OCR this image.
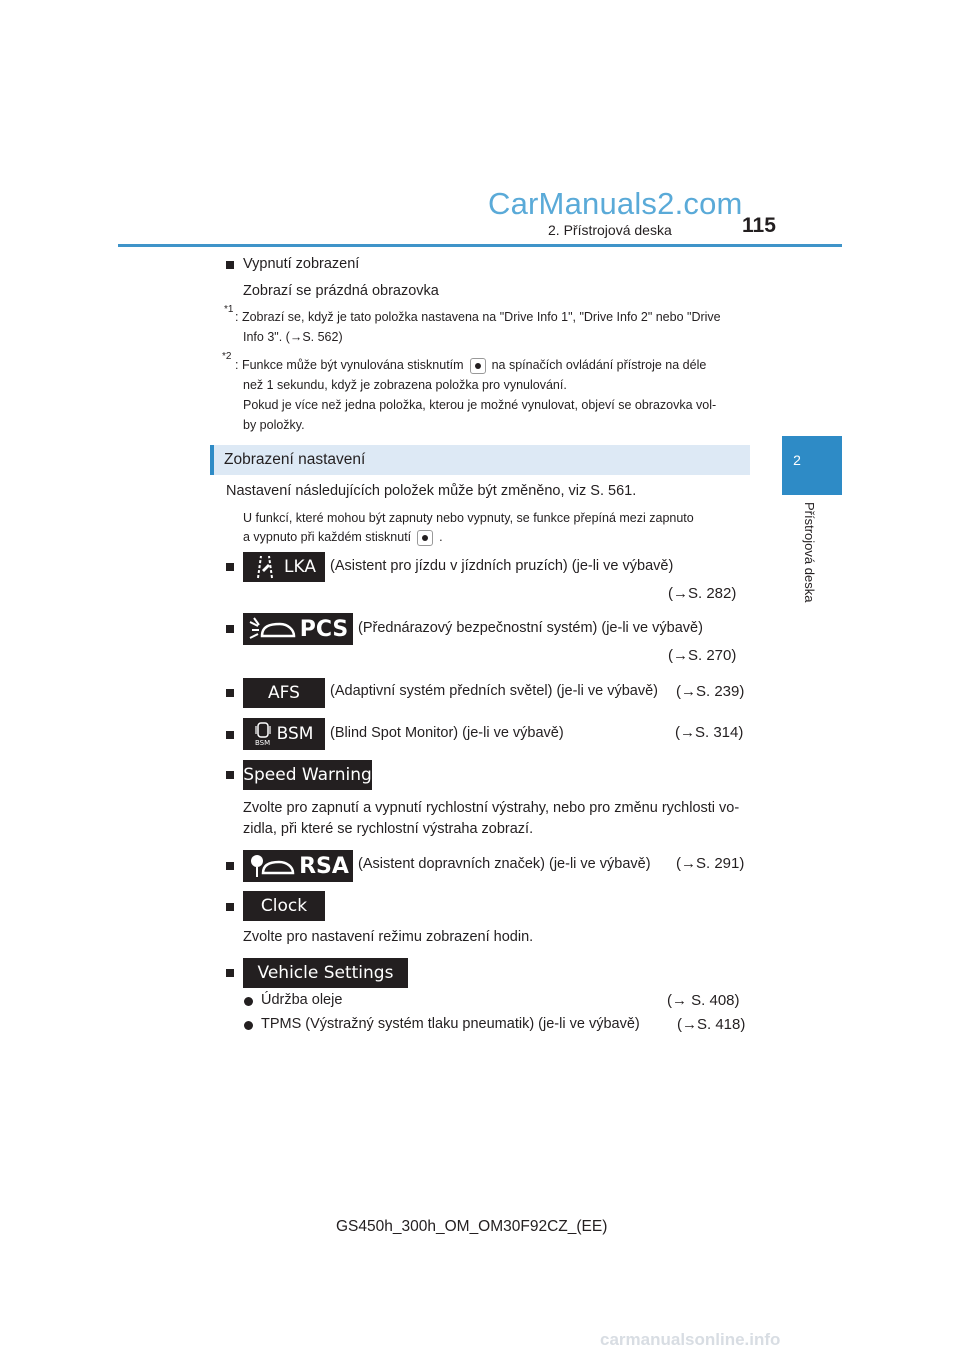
CarManuals2.com
2. Přístrojová deska	115
2
Přístrojová deska
Vypnutí zobrazení
Zobrazí se prázdná obrazovka
*1
: Zobrazí se, když je tato položka nastavena na "Drive Info 1", "Drive Info 2" nebo "Drive
Info 3". (→S. 562)
*2
: Funkce může být vynulována stisknutím na spínačích ovládání přístroje na déle
než 1 sekundu, když je zobrazena položka pro vynulování.
Pokud je více než jedna položka, kterou je možné vynulovat, objeví se obrazovka vol-
by položky.
Zobrazení nastavení
Nastavení následujících položek může být změněno, viz S. 561.
U funkcí, které mohou být zapnuty nebo vypnuty, se funkce přepíná mezi zapnuto
a vypnuto při každém stisknutí .
LKA (Asistent pro jízdu v jízdních pruzích) (je-li ve výbavě)
(→S. 282)
PCS (Přednárazový bezpečnostní systém) (je-li ve výbavě)
(→S. 270)
AFS (Adaptivní systém předních světel) (je-li ve výbavě) (→S. 239)
BSM BSM (Blind Spot Monitor) (je-li ve výbavě)	(→S. 314)
Speed Warning
Zvolte pro zapnutí a vypnutí rychlostní výstrahy, nebo pro změnu rychlosti vo-
zidla, při které se rychlostní výstraha zobrazí.
RSA (Asistent dopravních značek) (je-li ve výbavě) (→S. 291)
Clock
Zvolte pro nastavení režimu zobrazení hodin.
Vehicle Settings
Údržba oleje	(→ S. 408)
TPMS (Výstražný systém tlaku pneumatik) (je-li ve výbavě) (→S. 418)
GS450h_300h_OM_OM30F92CZ_(EE)
carmanualsonline.info
